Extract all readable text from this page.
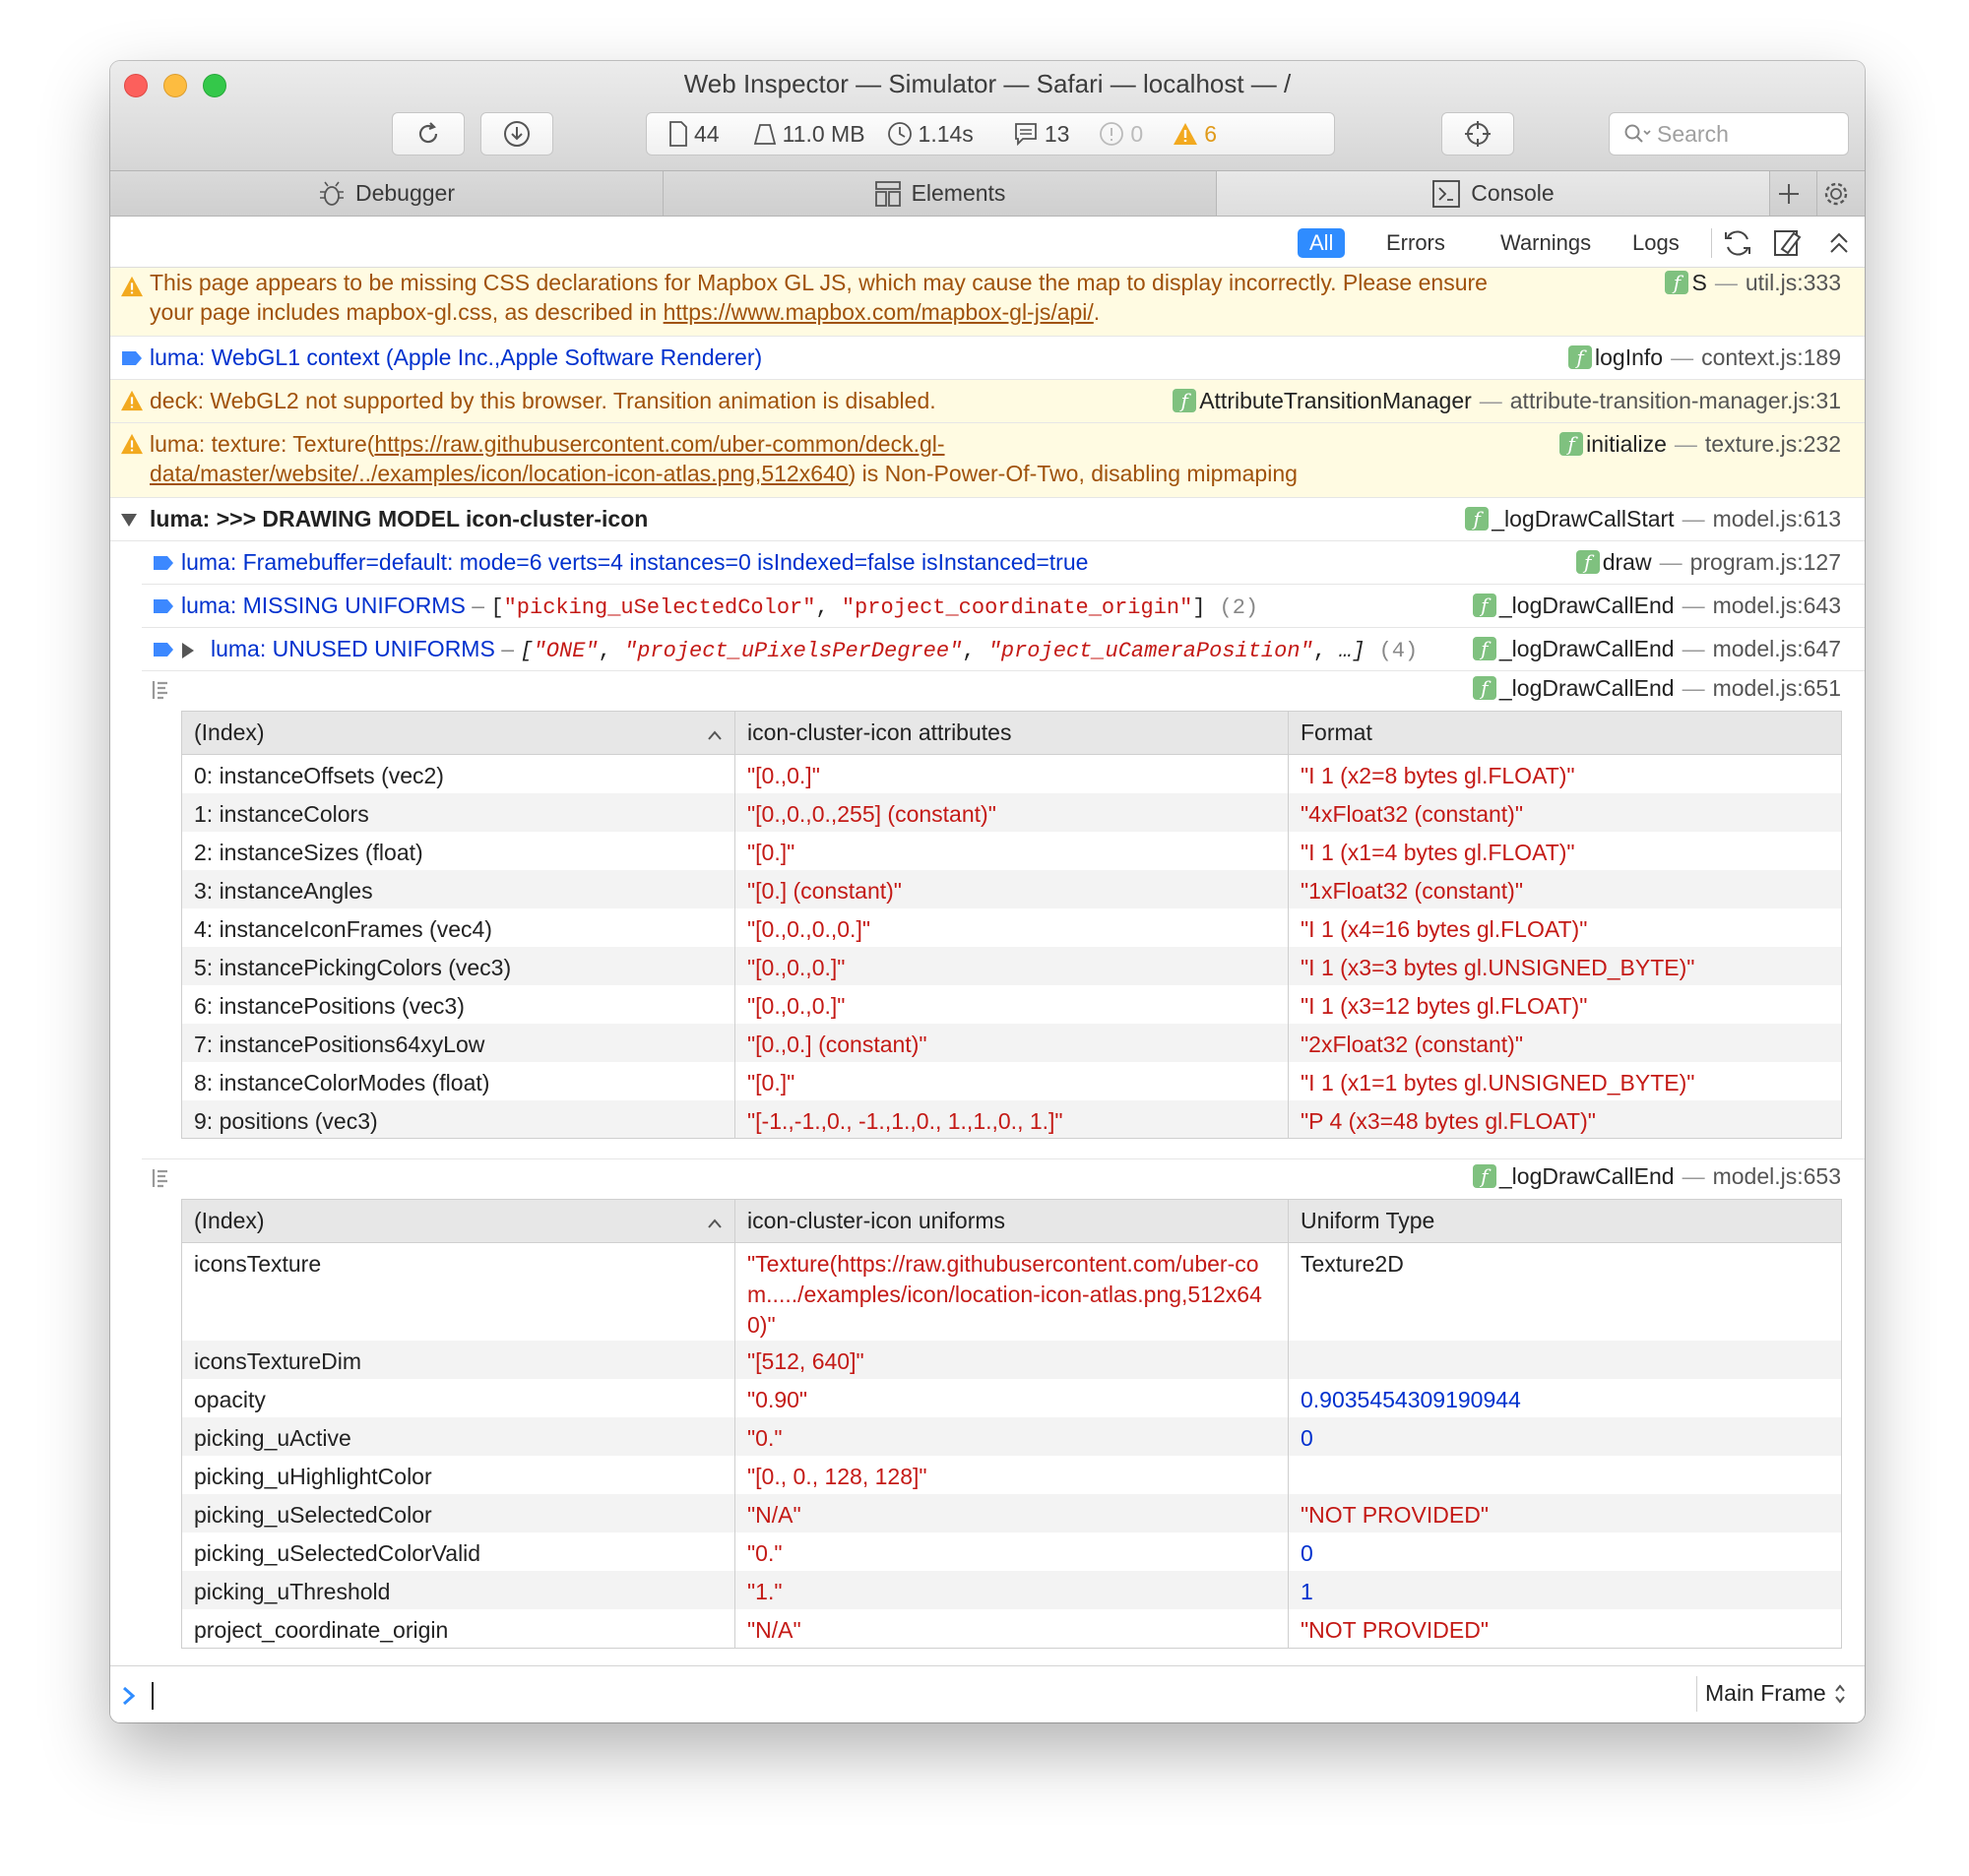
Web Inspector — Simulator — Safari — localhost — /
44	11.0 MB 1.14s	13	0	6	Search
Debugger	Elements	Console
All	Errors	Warnings	Logs
This page appears to be missing CSS declarations for Mapbox GL JS, which may cause the map to display incorrectly. Please ensure
your page includes mapbox-gl.css, as described in https://www.mapbox.com/mapbox-gl-js/api/.
f S — util.js:333
luma: WebGL1 context (Apple Inc.,Apple Software Renderer)	f logInfo — context.js:189
deck: WebGL2 not supported by this browser. Transition animation is disabled.	f AttributeTransitionManager — attribute-transition-manager.js:31
luma: texture: Texture(https://raw.githubusercontent.com/uber-common/deck.gl-
data/master/website/../examples/icon/location-icon-atlas.png,512x640) is Non-Power-Of-Two, disabling mipmaping
f initialize — texture.js:232
luma: >>> DRAWING MODEL icon-cluster-icon	f _logDrawCallStart — model.js:613
luma: Framebuffer=default: mode=6 verts=4 instances=0 isIndexed=false isInstanced=true	f draw — program.js:127
luma: MISSING UNIFORMS – ["picking_uSelectedColor", "project_coordinate_origin"] (2)	f _logDrawCallEnd — model.js:643
luma: UNUSED UNIFORMS – ["ONE", "project_uPixelsPerDegree", "project_uCameraPosition", …] (4)	f _logDrawCallEnd — model.js:647
f _logDrawCallEnd — model.js:651
(Index)	icon-cluster-icon attributes	Format
0: instanceOffsets (vec2)	"[0.,0.]"	"I 1 (x2=8 bytes gl.FLOAT)"
1: instanceColors	"[0.,0.,0.,255] (constant)"	"4xFloat32 (constant)"
2: instanceSizes (float)	"[0.]"	"I 1 (x1=4 bytes gl.FLOAT)"
3: instanceAngles	"[0.] (constant)"	"1xFloat32 (constant)"
4: instanceIconFrames (vec4)	"[0.,0.,0.,0.]"	"I 1 (x4=16 bytes gl.FLOAT)"
5: instancePickingColors (vec3)	"[0.,0.,0.]"	"I 1 (x3=3 bytes gl.UNSIGNED_BYTE)"
6: instancePositions (vec3)	"[0.,0.,0.]"	"I 1 (x3=12 bytes gl.FLOAT)"
7: instancePositions64xyLow	"[0.,0.] (constant)"	"2xFloat32 (constant)"
8: instanceColorModes (float)	"[0.]"	"I 1 (x1=1 bytes gl.UNSIGNED_BYTE)"
9: positions (vec3)	"[-1.,-1.,0., -1.,1.,0., 1.,1.,0., 1.]"	"P 4 (x3=48 bytes gl.FLOAT)"
f _logDrawCallEnd — model.js:653
(Index)	icon-cluster-icon uniforms	Uniform Type
iconsTexture	"Texture(https://raw.githubusercontent.com/uber-com...../examples/icon/location-icon-atlas.png,512x640)"	Texture2D
iconsTextureDim	"[512, 640]"	
opacity	"0.90"	0.9035454309190944
picking_uActive	"0."	0
picking_uHighlightColor	"[0., 0., 128, 128]"	
picking_uSelectedColor	"N/A"	"NOT PROVIDED"
picking_uSelectedColorValid	"0."	0
picking_uThreshold	"1."	1
project_coordinate_origin	"N/A"	"NOT PROVIDED"
Main Frame
